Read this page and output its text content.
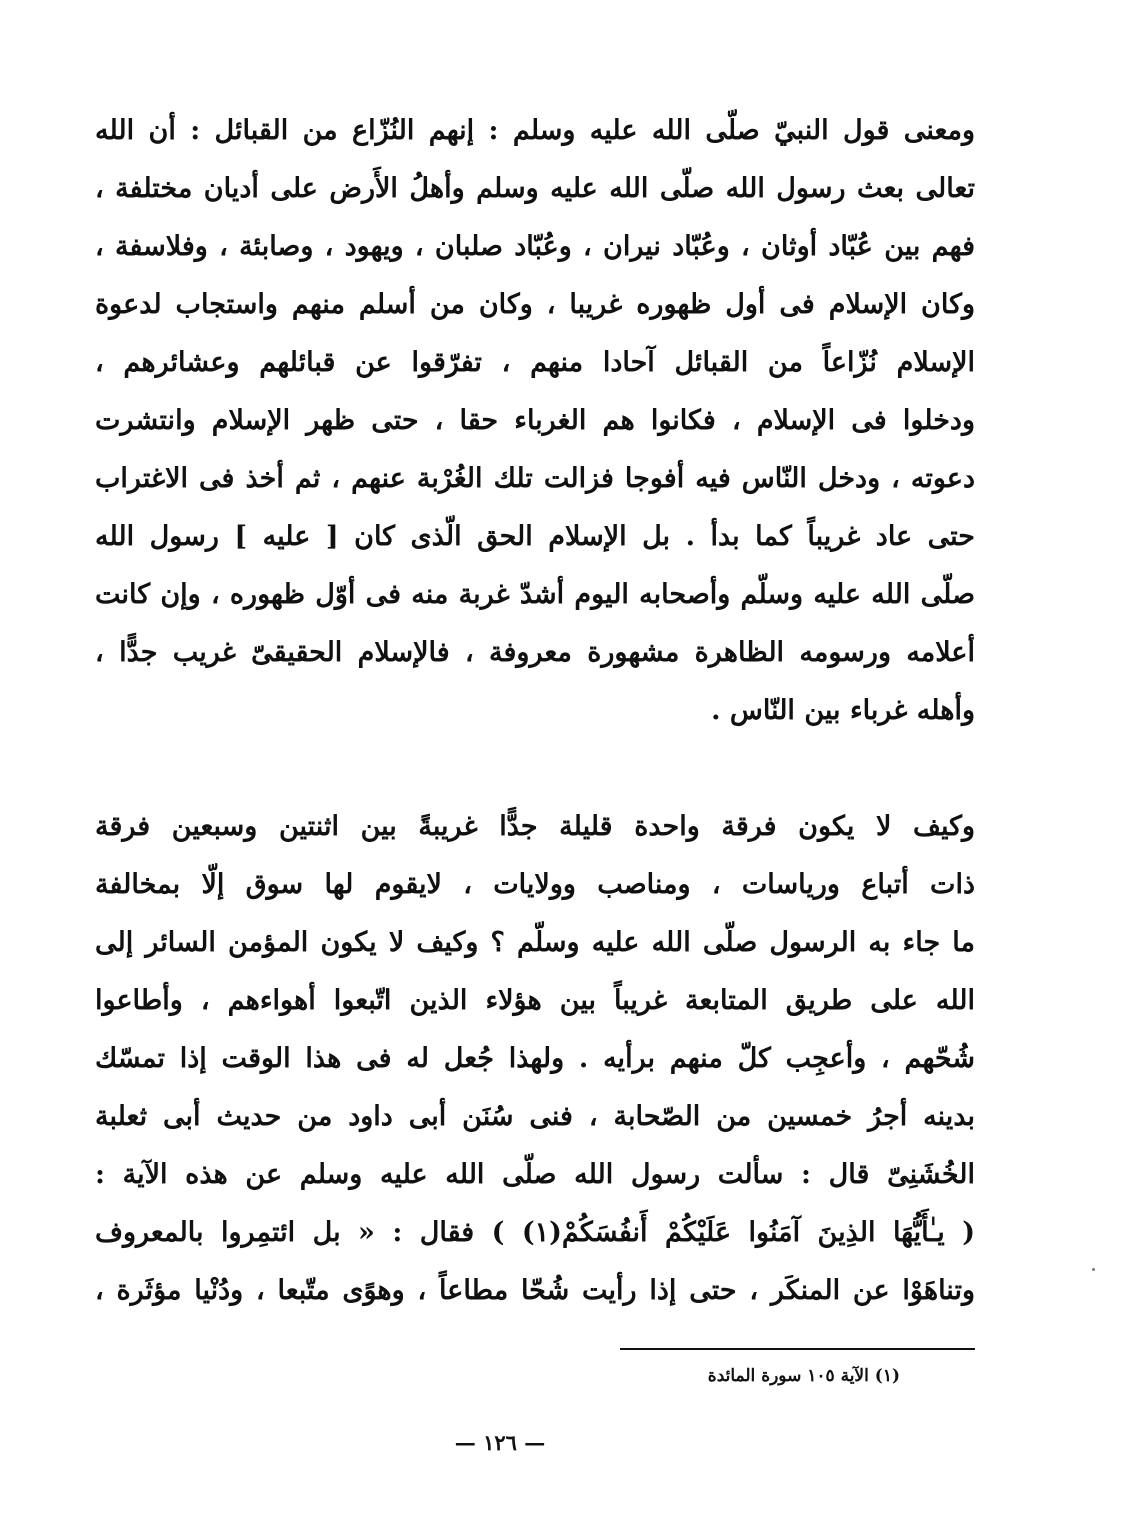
ومعنى قول النبيّ صلّى الله عليه وسلم : إنهم النُزّاع من القبائل : أن الله
تعالى بعث رسول الله صلّى الله عليه وسلم وأهلُ الأَرض على أديان مختلفة ،
فهم بين عُبّاد أوثان ، وعُبّاد نيران ، وعُبّاد صلبان ، ويهود ، وصابئة ، وفلاسفة ،
وكان الإسلام فى أول ظهوره غريبا ، وكان من أسلم منهم واستجاب لدعوة
الإسلام نُزّاعاً من القبائل آحادا منهم ، تفرّقوا عن قبائلهم وعشائرهم ،
ودخلوا فى الإسلام ، فكانوا هم الغرباء حقا ، حتى ظهر الإسلام وانتشرت
دعوته ، ودخل النّاس فيه أفوجا فزالت تلك الغُرْبة عنهم ، ثم أخذ فى الاغتراب
حتى عاد غريباً كما بدأ . بل الإسلام الحق الّذى كان [ عليه ] رسول الله
صلّى الله عليه وسلّم وأصحابه اليوم أشدّ غربة منه فى أوّل ظهوره ، وإن كانت
أعلامه ورسومه الظاهرة مشهورة معروفة ، فالإسلام الحقيقىّ غريب جدًّا ،
وأهله غرباء بين النّاس .
وكيف لا يكون فرقة واحدة قليلة جدًّا غريبةً بين اثنتين وسبعين فرقة
ذات أتباع ورياسات ، ومناصب وولايات ، لايقوم لها سوق إلّا بمخالفة
ما جاء به الرسول صلّى الله عليه وسلّم ؟ وكيف لا يكون المؤمن السائر إلى
الله على طريق المتابعة غريباً بين هؤلاء الذين اتّبعوا أهواءهم ، وأطاعوا
شُحّهم ، وأعجِب كلّ منهم برأيه . ولهذا جُعل له فى هذا الوقت إذا تمسّك
بدينه أجرُ خمسين من الصّحابة ، فنى سُنَن أبى داود من حديث أبى ثعلبة
الخُشَنِىّ قال : سألت رسول الله صلّى الله عليه وسلم عن هذه الآية :
( يـٰأَيُّهَا الذِينَ آمَنُوا عَلَيْكُمْ أَنفُسَكُمْ(١) ) فقال : « بل ائتمِروا بالمعروف
وتناهَوْا عن المنكَر ، حتى إذا رأيت شُحّا مطاعاً ، وهوًى متّبعا ، ودُنْيا مؤثَرة ،
(١) الآية ١٠٥ سورة المائدة
— ١٢٦ —
